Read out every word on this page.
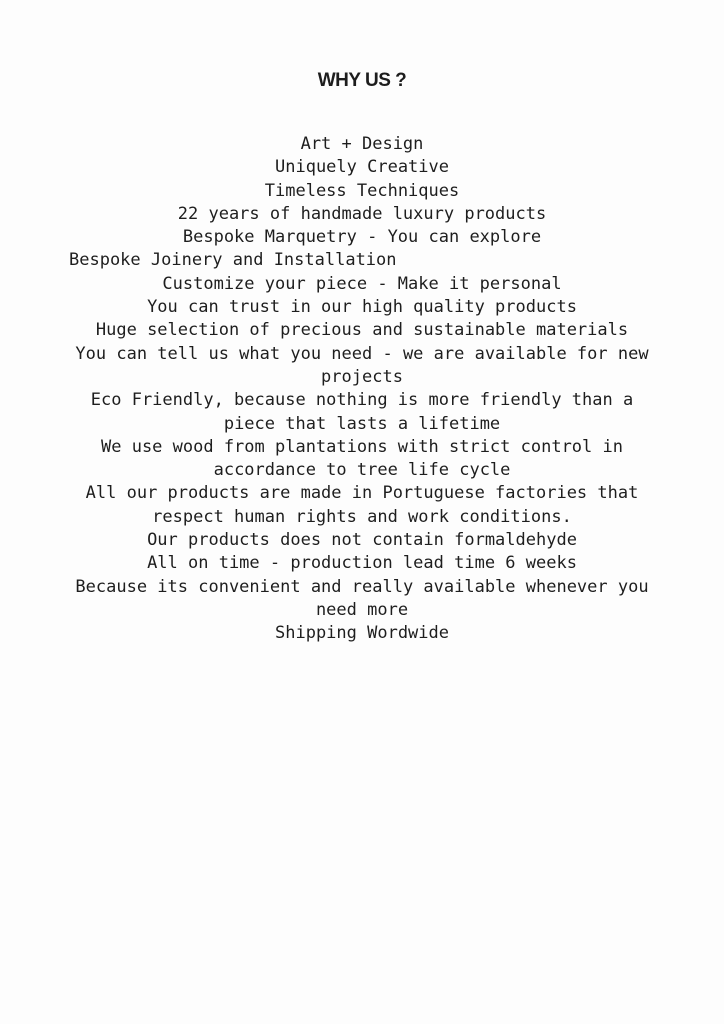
WHY US ?
Art + Design
Uniquely Creative
Timeless Techniques
22 years of handmade luxury products
Bespoke Marquetry - You can explore
Bespoke Joinery and Installation
Customize your piece - Make it personal
You can trust in our high quality products
Huge selection of precious and sustainable materials
You can tell us what you need - we are available for new
projects
Eco Friendly, because nothing is more friendly than a
piece that lasts a lifetime
We use wood from plantations with strict control in
accordance to tree life cycle
All our products are made in Portuguese factories that
respect human rights and work conditions.
Our products does not contain formaldehyde
All on time - production lead time 6 weeks
Because its convenient and really available whenever you
need more
Shipping Wordwide
